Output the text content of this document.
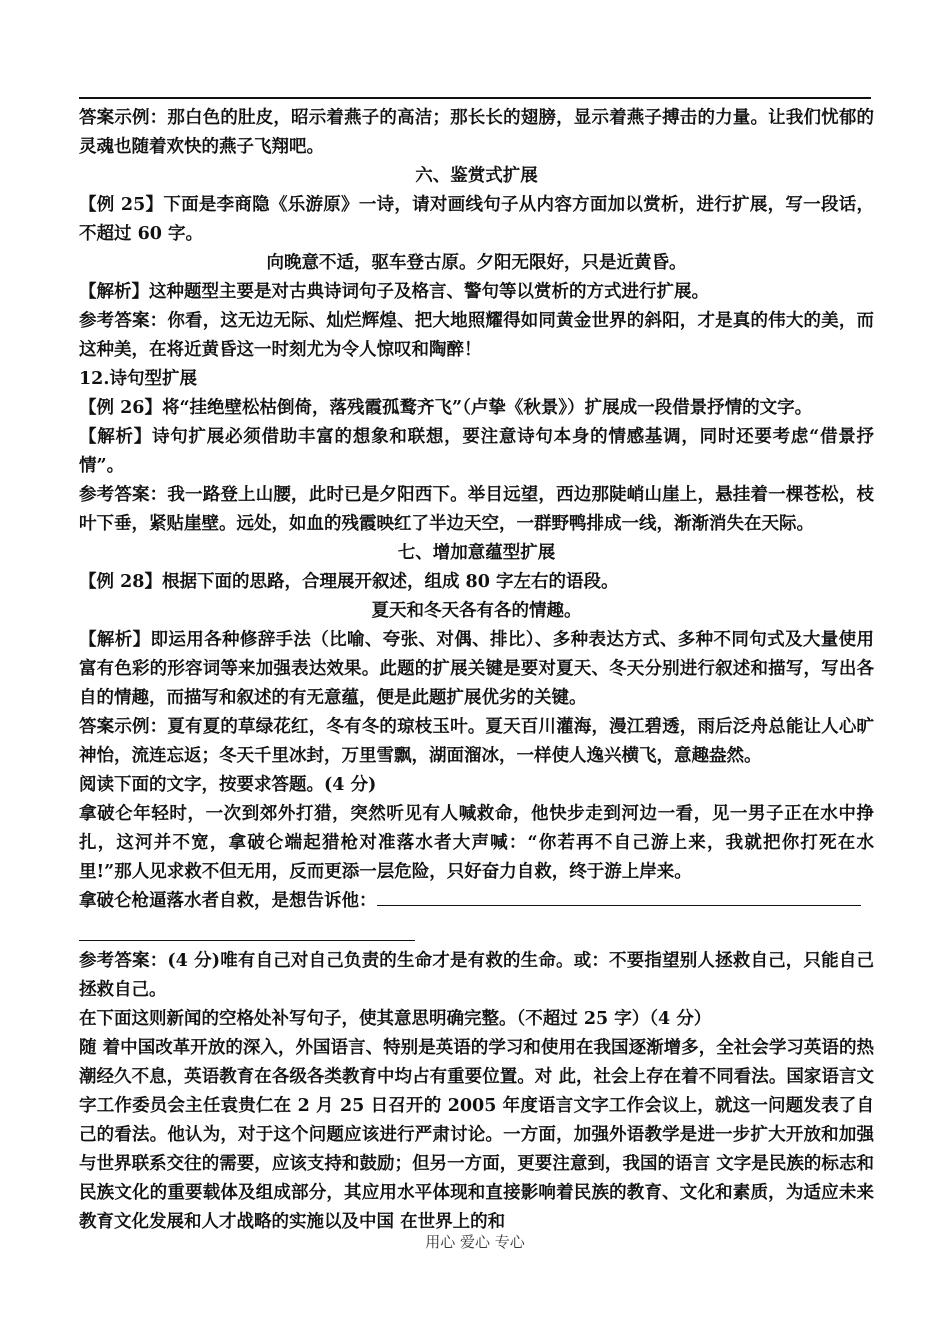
答案示例：那白色的肚皮，昭示着燕子的高洁；那长长的翅膀，显示着燕子搏击的力量。让我们忧郁的灵魂也随着欢快的燕子飞翔吧。

六、鉴赏式扩展

【例 25】下面是李商隐《乐游原》一诗，请对画线句子从内容方面加以赏析，进行扩展，写一段话，不超过 60 字。

向晚意不适，驱车登古原。夕阳无限好，只是近黄昏。

【解析】这种题型主要是对古典诗词句子及格言、警句等以赏析的方式进行扩展。

参考答案：你看，这无边无际、灿烂辉煌、把大地照耀得如同黄金世界的斜阳，才是真的伟大的美，而这种美，在将近黄昏这一时刻尤为令人惊叹和陶醉！

12.诗句型扩展

【例 26】将“挂绝壁松枯倒倚，落残霞孤鹜齐飞”（卢挚《秋景》）扩展成一段借景抒情的文字。

【解析】诗句扩展必须借助丰富的想象和联想，要注意诗句本身的情感基调，同时还要考虑“借景抒情”。

参考答案：我一路登上山腰，此时已是夕阳西下。举目远望，西边那陡峭山崖上，悬挂着一棵苍松，枝叶下垂，紧贴崖壁。远处，如血的残霞映红了半边天空，一群野鸭排成一线，渐渐消失在天际。

七、增加意蕴型扩展

【例 28】根据下面的思路，合理展开叙述，组成 80 字左右的语段。

夏天和冬天各有各的情趣。

【解析】即运用各种修辞手法（比喻、夸张、对偶、排比）、多种表达方式、多种不同句式及大量使用富有色彩的形容词等来加强表达效果。此题的扩展关键是要对夏天、冬天分别进行叙述和描写，写出各自的情趣，而描写和叙述的有无意蕴，便是此题扩展优劣的关键。

答案示例：夏有夏的草绿花红，冬有冬的琼枝玉叶。夏天百川灌海，漫江碧透，雨后泛舟总能让人心旷神怡，流连忘返；冬天千里冰封，万里雪飘，湖面溜冰，一样使人逸兴横飞，意趣盎然。

阅读下面的文字，按要求答题。(4 分)

拿破仑年轻时，一次到郊外打猎，突然听见有人喊救命，他快步走到河边一看，见一男子正在水中挣扎，这河并不宽，拿破仑端起猎枪对准落水者大声喊：“你若再不自己游上来，我就把你打死在水里!”那人见求救不但无用，反而更添一层危险，只好奋力自救，终于游上岸来。

拿破仑枪逼落水者自救，是想告诉他：

参考答案：(4 分)唯有自己对自己负责的生命才是有救的生命。或：不要指望别人拯救自己，只能自己拯救自己。

在下面这则新闻的空格处补写句子，使其意思明确完整。（不超过 25 字）（4 分）

随 着中国改革开放的深入，外国语言、特别是英语的学习和使用在我国逐渐增多，全社会学习英语的热潮经久不息，英语教育在各级各类教育中均占有重要位置。对 此，社会上存在着不同看法。国家语言文字工作委员会主任袁贵仁在 2 月 25 日召开的 2005 年度语言文字工作会议上，就这一问题发表了自己的看法。他认为，对于这个问题应该进行严肃讨论。一方面，加强外语教学是进一步扩大开放和加强与世界联系交往的需要，应该支持和鼓励；但另一方面，更要注意到，我国的语言 文字是民族的标志和民族文化的重要载体及组成部分，其应用水平体现和直接影响着民族的教育、文化和素质，为适应未来教育文化发展和人才战略的实施以及中国 在世界上的和

用心 爱心 专心
